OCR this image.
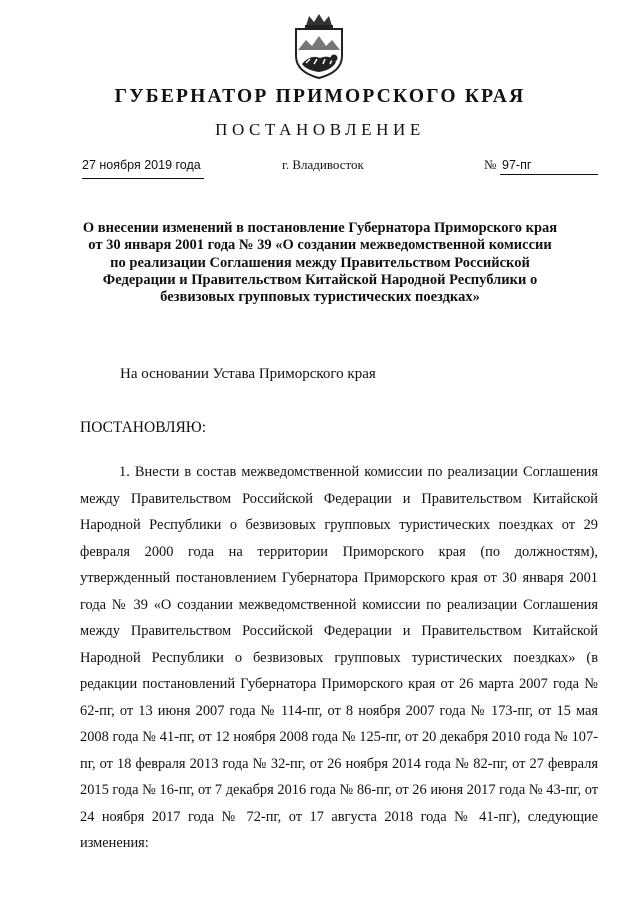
ГУБЕРНАТОР ПРИМОРСКОГО КРАЯ
ПОСТАНОВЛЕНИЕ
27 ноября 2019 года	г. Владивосток	№ 97-пг
О внесении изменений в постановление Губернатора Приморского края от 30 января 2001 года № 39 «О создании межведомственной комиссии по реализации Соглашения между Правительством Российской Федерации и Правительством Китайской Народной Республики о безвизовых групповых туристических поездках»
На основании Устава Приморского края
ПОСТАНОВЛЯЮ:
1. Внести в состав межведомственной комиссии по реализации Соглашения между Правительством Российской Федерации и Правительством Китайской Народной Республики о безвизовых групповых туристических поездках от 29 февраля 2000 года на территории Приморского края (по должностям), утвержденный постановлением Губернатора Приморского края от 30 января 2001 года № 39 «О создании межведомственной комиссии по реализации Соглашения между Правительством Российской Федерации и Правительством Китайской Народной Республики о безвизовых групповых туристических поездках» (в редакции постановлений Губернатора Приморского края от 26 марта 2007 года № 62-пг, от 13 июня 2007 года № 114-пг, от 8 ноября 2007 года № 173-пг, от 15 мая 2008 года № 41-пг, от 12 ноября 2008 года № 125-пг, от 20 декабря 2010 года № 107-пг, от 18 февраля 2013 года № 32-пг, от 26 ноября 2014 года № 82-пг, от 27 февраля 2015 года № 16-пг, от 7 декабря 2016 года № 86-пг, от 26 июня 2017 года № 43-пг, от 24 ноября 2017 года № 72-пг, от 17 августа 2018 года № 41-пг), следующие изменения:
